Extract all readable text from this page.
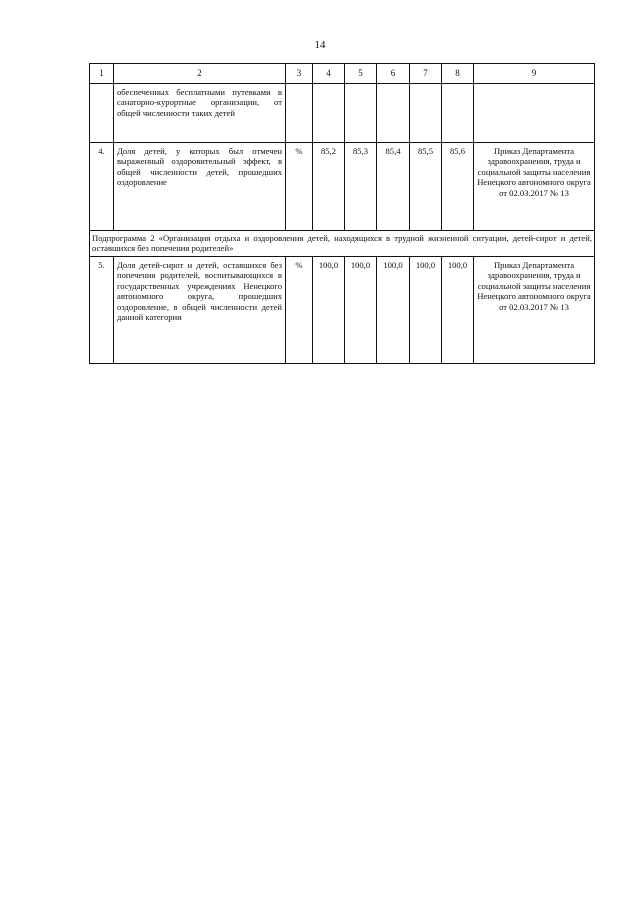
14
1	2	3	4	5	6	7	8	9
	обеспеченных бесплатными путевками в санаторно-курортные организации, от общей численности таких детей							
4.	Доля детей, у которых был отмечен выраженный оздоровительный эффект, в общей численности детей, прошедших оздоровление	%	85,2	85,3	85,4	85,5	85,6	Приказ Департамента здравоохранения, труда и социальной защиты населения Ненецкого автономного округа от 02.03.2017 № 13
Подпрограмма 2 «Организация отдыха и оздоровления детей, находящихся в трудной жизненной ситуации, детей-сирот и детей, оставшихся без попечения родителей»								
5.	Доля детей-сирот и детей, оставшихся без попечения родителей, воспитывающихся в государственных учреждениях Ненецкого автономного округа, прошедших оздоровление, в общей численности детей данной категории	%	100,0	100,0	100,0	100,0	100,0	Приказ Департамента здравоохранения, труда и социальной защиты населения Ненецкого автономного округа от 02.03.2017 № 13
